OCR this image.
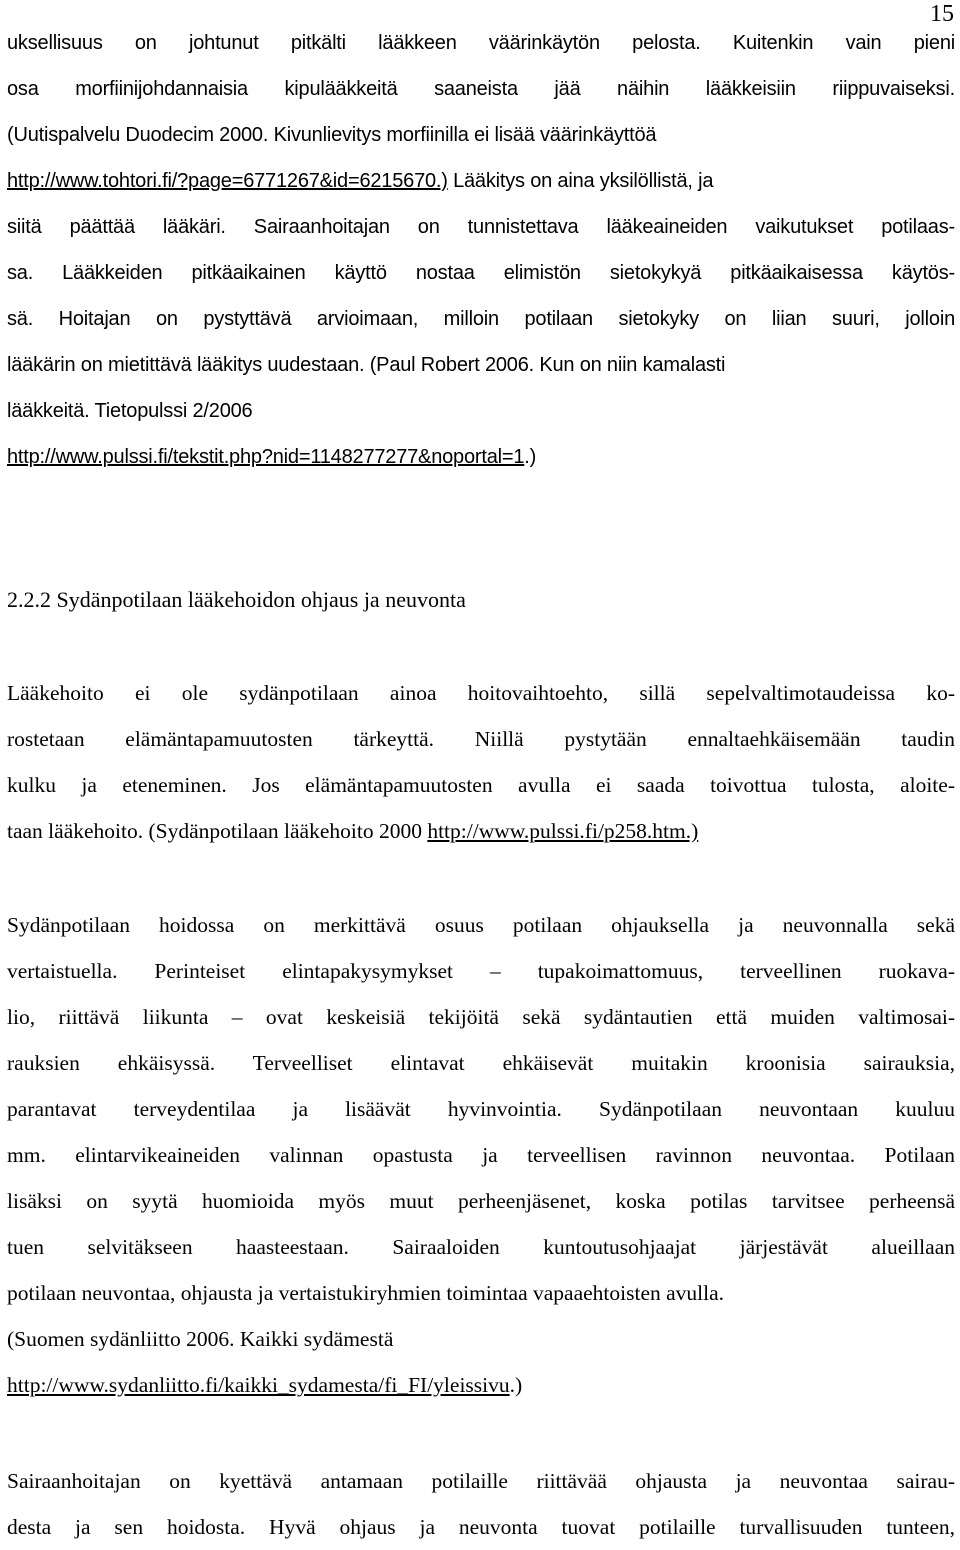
15
uksellisuus on johtunut pitkälti lääkkeen väärinkäytön pelosta. Kuitenkin vain pieni
osa morfiinijohdannaisia kipulääkkeitä saaneista jää näihin lääkkeisiin riippuvaiseksi.
(Uutispalvelu Duodecim 2000. Kivunlievitys morfiinilla ei lisää väärinkäyttöä
http://www.tohtori.fi/?page=6771267&id=6215670.) Lääkitys on aina yksilöllistä, ja
siitä päättää lääkäri. Sairaanhoitajan on tunnistettava lääkeaineiden vaikutukset potilaas-
sa. Lääkkeiden pitkäaikainen käyttö nostaa elimistön sietokykyä pitkäaikaisessa käytös-
sä. Hoitajan on pystyttävä arvioimaan, milloin potilaan sietokyky on liian suuri, jolloin
lääkärin on mietittävä lääkitys uudestaan. (Paul Robert 2006. Kun on niin kamalasti
lääkkeitä. Tietopulssi 2/2006
http://www.pulssi.fi/tekstit.php?nid=1148277277&noportal=1.)
2.2.2 Sydänpotilaan lääkehoidon ohjaus ja neuvonta
Lääkehoito ei ole sydänpotilaan ainoa hoitovaihtoehto, sillä sepelvaltimotaudeissa ko-
rostetaan elämäntapamuutosten tärkeyttä. Niillä pystytään ennaltaehkäisemään taudin
kulku ja eteneminen. Jos elämäntapamuutosten avulla ei saada toivottua tulosta, aloite-
taan lääkehoito. (Sydänpotilaan lääkehoito 2000 http://www.pulssi.fi/p258.htm.)
Sydänpotilaan hoidossa on merkittävä osuus potilaan ohjauksella ja neuvonnalla sekä
vertaistuella. Perinteiset elintapakysymykset – tupakoimattomuus, terveellinen ruokava-
lio, riittävä liikunta – ovat keskeisiä tekijöitä sekä sydäntautien että muiden valtimosai-
rauksien ehkäisyssä. Terveelliset elintavat ehkäisevät muitakin kroonisia sairauksia,
parantavat terveydentilaa ja lisäävät hyvinvointia. Sydänpotilaan neuvontaan kuuluu
mm. elintarvikeaineiden valinnan opastusta ja terveellisen ravinnon neuvontaa. Potilaan
lisäksi on syytä huomioida myös muut perheenjäsenet, koska potilas tarvitsee perheensä
tuen selvitäkseen haasteestaan. Sairaaloiden kuntoutusohjaajat järjestävät alueillaan
potilaan neuvontaa, ohjausta ja vertaistukiryhmien toimintaa vapaaehtoisten avulla.
(Suomen sydänliitto 2006. Kaikki sydämestä
http://www.sydanliitto.fi/kaikki_sydamesta/fi_FI/yleissivu.)
Sairaanhoitajan on kyettävä antamaan potilaille riittävää ohjausta ja neuvontaa sairau-
desta ja sen hoidosta. Hyvä ohjaus ja neuvonta tuovat potilaille turvallisuuden tunteen,
